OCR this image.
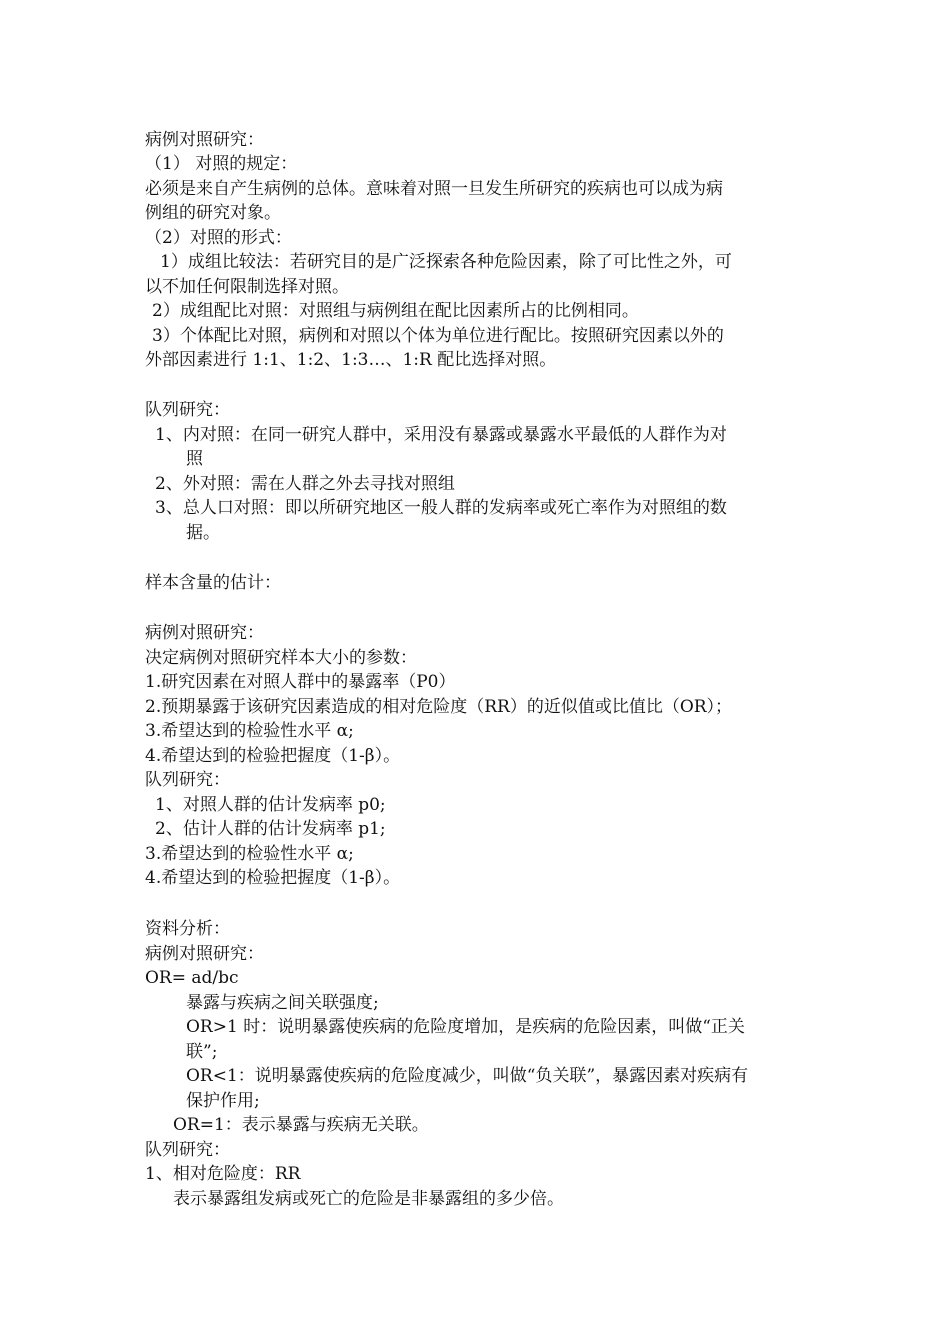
病例对照研究：

（1） 对照的规定：

必须是来自产生病例的总体。意味着对照一旦发生所研究的疾病也可以成为病

例组的研究对象。

（2）对照的形式：

1）成组比较法：若研究目的是广泛探索各种危险因素，除了可比性之外，可

以不加任何限制选择对照。

2）成组配比对照：对照组与病例组在配比因素所占的比例相同。

3）个体配比对照，病例和对照以个体为单位进行配比。按照研究因素以外的

外部因素进行 1:1、1:2、1:3…、1:R 配比选择对照。

队列研究：

1、内对照：在同一研究人群中，采用没有暴露或暴露水平最低的人群作为对

照

2、外对照：需在人群之外去寻找对照组

3、总人口对照：即以所研究地区一般人群的发病率或死亡率作为对照组的数

据。

样本含量的估计：

病例对照研究：

决定病例对照研究样本大小的参数：

1.研究因素在对照人群中的暴露率（P0）

2.预期暴露于该研究因素造成的相对危险度（RR）的近似值或比值比（OR）；

3.希望达到的检验性水平 α;

4.希望达到的检验把握度（1-β）。

队列研究：

1、对照人群的估计发病率 p0;

2、估计人群的估计发病率 p1;

3.希望达到的检验性水平 α;

4.希望达到的检验把握度（1-β）。

资料分析：

病例对照研究：

OR= ad/bc

暴露与疾病之间关联强度;

OR>1 时：说明暴露使疾病的危险度增加，是疾病的危险因素，叫做“正关

联”;

OR<1：说明暴露使疾病的危险度减少，叫做“负关联”，暴露因素对疾病有

保护作用;

OR=1：表示暴露与疾病无关联。

队列研究：

1、相对危险度：RR

表示暴露组发病或死亡的危险是非暴露组的多少倍。
